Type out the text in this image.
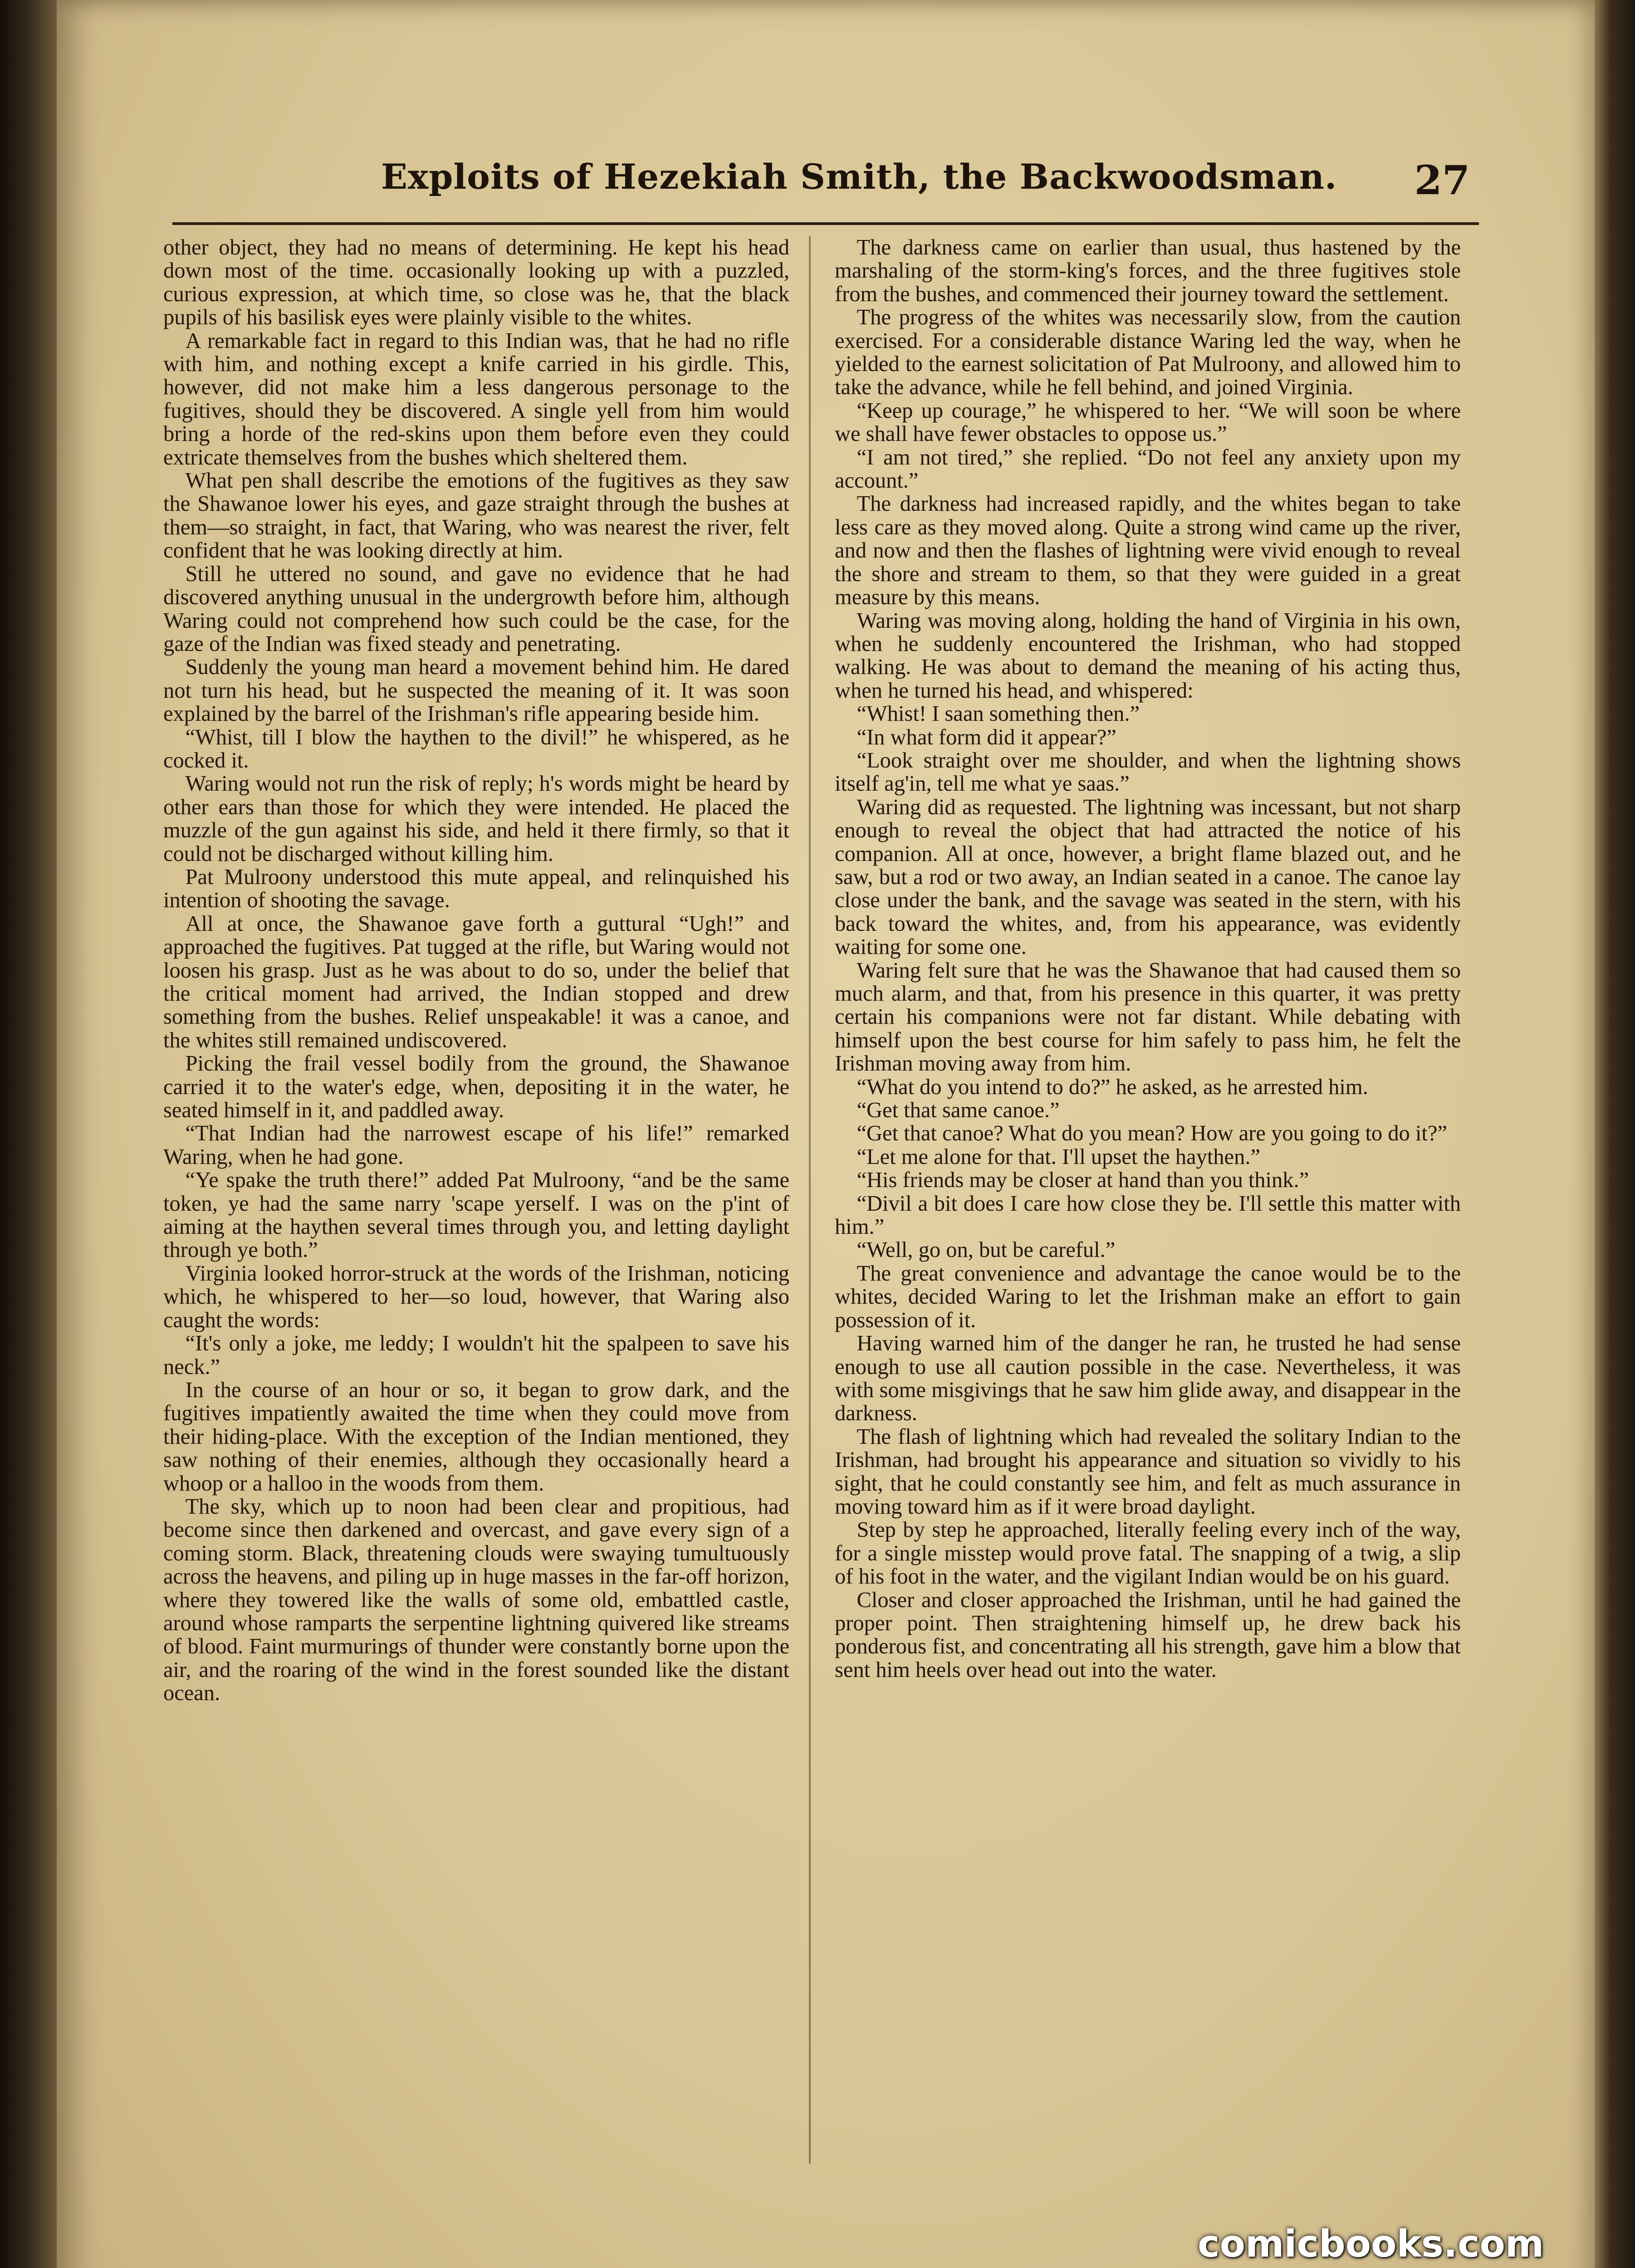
Exploits of Hezekiah Smith, the Backwoodsman.	27

other object, they had no means of determining. He kept his head down most of the time. occasionally looking up with a puzzled, curious expression, at which time, so close was he, that the black pupils of his basilisk eyes were plainly visible to the whites.

A remarkable fact in regard to this Indian was, that he had no rifle with him, and nothing except a knife carried in his girdle. This, however, did not make him a less dangerous personage to the fugitives, should they be discovered. A single yell from him would bring a horde of the red-skins upon them before even they could extricate themselves from the bushes which sheltered them.

What pen shall describe the emotions of the fugitives as they saw the Shawanoe lower his eyes, and gaze straight through the bushes at them—so straight, in fact, that Waring, who was nearest the river, felt confident that he was looking directly at him.

Still he uttered no sound, and gave no evidence that he had discovered anything unusual in the undergrowth before him, although Waring could not comprehend how such could be the case, for the gaze of the Indian was fixed steady and penetrating.

Suddenly the young man heard a movement behind him. He dared not turn his head, but he suspected the meaning of it. It was soon explained by the barrel of the Irishman's rifle appearing beside him.

“Whist, till I blow the haythen to the divil!” he whispered, as he cocked it.

Waring would not run the risk of reply; h's words might be heard by other ears than those for which they were intended. He placed the muzzle of the gun against his side, and held it there firmly, so that it could not be discharged without killing him.

Pat Mulroony understood this mute appeal, and relinquished his intention of shooting the savage.

All at once, the Shawanoe gave forth a guttural “Ugh!” and approached the fugitives. Pat tugged at the rifle, but Waring would not loosen his grasp. Just as he was about to do so, under the belief that the critical moment had arrived, the Indian stopped and drew something from the bushes. Relief unspeakable! it was a canoe, and the whites still remained undiscovered.

Picking the frail vessel bodily from the ground, the Shawanoe carried it to the water's edge, when, depositing it in the water, he seated himself in it, and paddled away.

“That Indian had the narrowest escape of his life!” remarked Waring, when he had gone.

“Ye spake the truth there!” added Pat Mulroony, “and be the same token, ye had the same narry 'scape yerself. I was on the p'int of aiming at the haythen several times through you, and letting daylight through ye both.”

Virginia looked horror-struck at the words of the Irishman, noticing which, he whispered to her—so loud, however, that Waring also caught the words:

“It's only a joke, me leddy; I wouldn't hit the spalpeen to save his neck.”

In the course of an hour or so, it began to grow dark, and the fugitives impatiently awaited the time when they could move from their hiding-place. With the exception of the Indian mentioned, they saw nothing of their enemies, although they occasionally heard a whoop or a halloo in the woods from them.

The sky, which up to noon had been clear and propitious, had become since then darkened and overcast, and gave every sign of a coming storm. Black, threatening clouds were swaying tumultuously across the heavens, and piling up in huge masses in the far-off horizon, where they towered like the walls of some old, embattled castle, around whose ramparts the serpentine lightning quivered like streams of blood. Faint murmurings of thunder were constantly borne upon the air, and the roaring of the wind in the forest sounded like the distant ocean.

The darkness came on earlier than usual, thus hastened by the marshaling of the storm-king's forces, and the three fugitives stole from the bushes, and commenced their journey toward the settlement.

The progress of the whites was necessarily slow, from the caution exercised. For a considerable distance Waring led the way, when he yielded to the earnest solicitation of Pat Mulroony, and allowed him to take the advance, while he fell behind, and joined Virginia.

“Keep up courage,” he whispered to her. “We will soon be where we shall have fewer obstacles to oppose us.”

“I am not tired,” she replied. “Do not feel any anxiety upon my account.”

The darkness had increased rapidly, and the whites began to take less care as they moved along. Quite a strong wind came up the river, and now and then the flashes of lightning were vivid enough to reveal the shore and stream to them, so that they were guided in a great measure by this means.

Waring was moving along, holding the hand of Virginia in his own, when he suddenly encountered the Irishman, who had stopped walking. He was about to demand the meaning of his acting thus, when he turned his head, and whispered:

“Whist! I saan something then.”

“In what form did it appear?”

“Look straight over me shoulder, and when the lightning shows itself ag'in, tell me what ye saas.”

Waring did as requested. The lightning was incessant, but not sharp enough to reveal the object that had attracted the notice of his companion. All at once, however, a bright flame blazed out, and he saw, but a rod or two away, an Indian seated in a canoe. The canoe lay close under the bank, and the savage was seated in the stern, with his back toward the whites, and, from his appearance, was evidently waiting for some one.

Waring felt sure that he was the Shawanoe that had caused them so much alarm, and that, from his presence in this quarter, it was pretty certain his companions were not far distant. While debating with himself upon the best course for him safely to pass him, he felt the Irishman moving away from him.

“What do you intend to do?” he asked, as he arrested him.

“Get that same canoe.”

“Get that canoe? What do you mean? How are you going to do it?”

“Let me alone for that. I'll upset the haythen.”

“His friends may be closer at hand than you think.”

“Divil a bit does I care how close they be. I'll settle this matter with him.”

“Well, go on, but be careful.”

The great convenience and advantage the canoe would be to the whites, decided Waring to let the Irishman make an effort to gain possession of it.

Having warned him of the danger he ran, he trusted he had sense enough to use all caution possible in the case. Nevertheless, it was with some misgivings that he saw him glide away, and disappear in the darkness.

The flash of lightning which had revealed the solitary Indian to the Irishman, had brought his appearance and situation so vividly to his sight, that he could constantly see him, and felt as much assurance in moving toward him as if it were broad daylight.

Step by step he approached, literally feeling every inch of the way, for a single misstep would prove fatal. The snapping of a twig, a slip of his foot in the water, and the vigilant Indian would be on his guard.

Closer and closer approached the Irishman, until he had gained the proper point. Then straightening himself up, he drew back his ponderous fist, and concentrating all his strength, gave him a blow that sent him heels over head out into the water.

comicbooks.com
